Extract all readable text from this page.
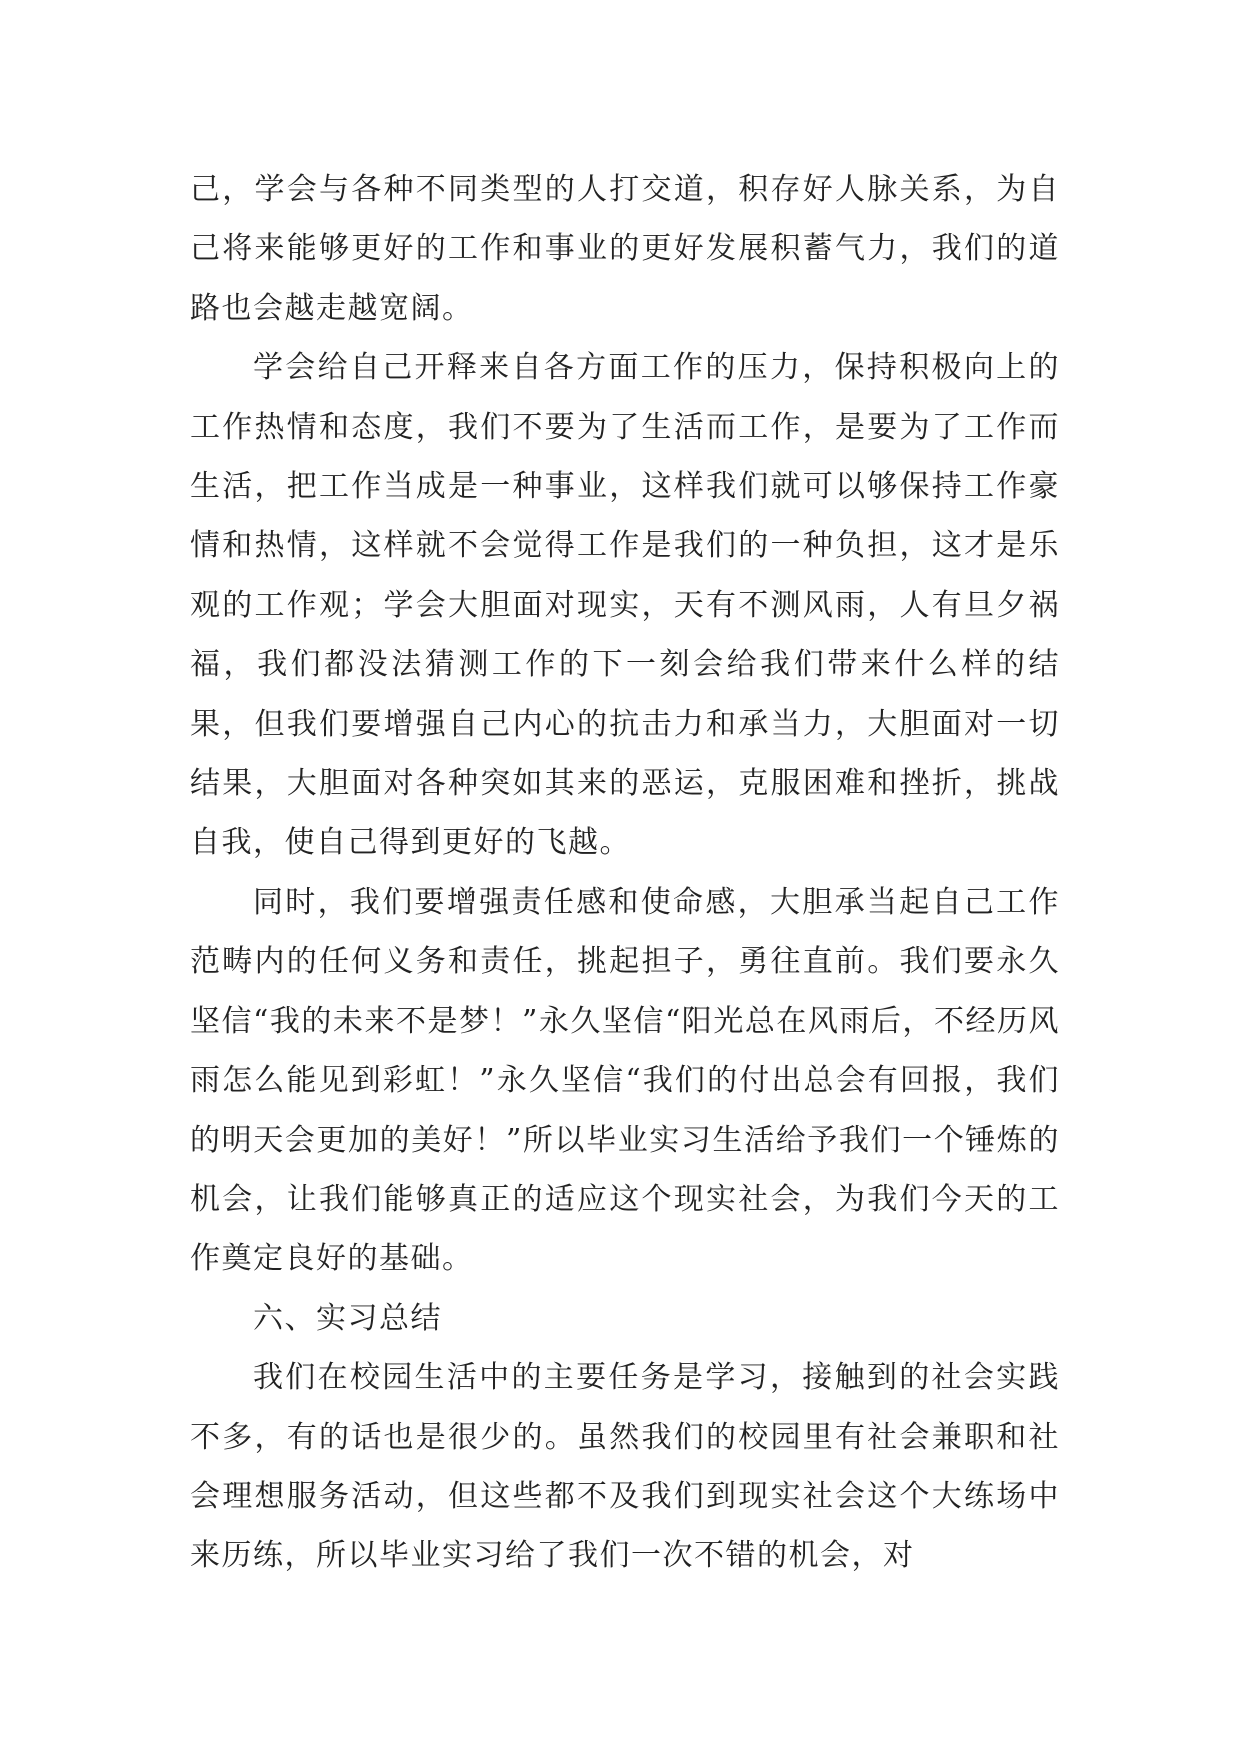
己，学会与各种不同类型的人打交道，积存好人脉关系，为自己将来能够更好的工作和事业的更好发展积蓄气力，我们的道路也会越走越宽阔。

学会给自己开释来自各方面工作的压力，保持积极向上的工作热情和态度，我们不要为了生活而工作，是要为了工作而生活，把工作当成是一种事业，这样我们就可以够保持工作豪情和热情，这样就不会觉得工作是我们的一种负担，这才是乐观的工作观；学会大胆面对现实，天有不测风雨，人有旦夕祸福，我们都没法猜测工作的下一刻会给我们带来什么样的结果，但我们要增强自己内心的抗击力和承当力，大胆面对一切结果，大胆面对各种突如其来的恶运，克服困难和挫折，挑战自我，使自己得到更好的飞越。

同时，我们要增强责任感和使命感，大胆承当起自己工作范畴内的任何义务和责任，挑起担子，勇往直前。我们要永久坚信“我的未来不是梦！”永久坚信“阳光总在风雨后，不经历风雨怎么能见到彩虹！”永久坚信“我们的付出总会有回报，我们的明天会更加的美好！”所以毕业实习生活给予我们一个锤炼的机会，让我们能够真正的适应这个现实社会，为我们今天的工作奠定良好的基础。

六、实习总结

我们在校园生活中的主要任务是学习，接触到的社会实践不多，有的话也是很少的。虽然我们的校园里有社会兼职和社会理想服务活动，但这些都不及我们到现实社会这个大练场中来历练，所以毕业实习给了我们一次不错的机会，对
